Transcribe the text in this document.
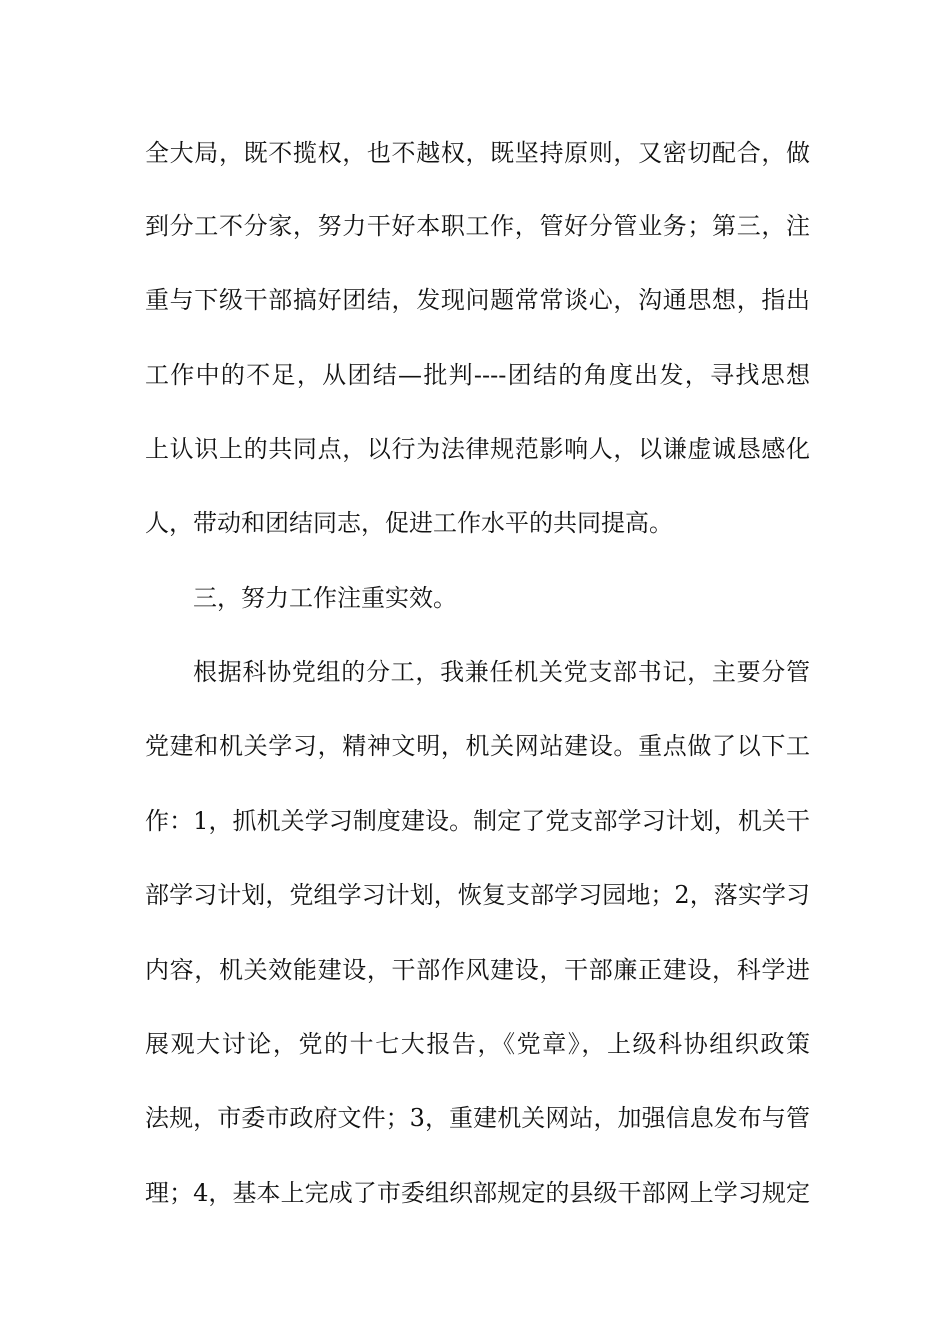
全大局，既不揽权，也不越权，既坚持原则，又密切配合，做
到分工不分家，努力干好本职工作，管好分管业务；第三，注
重与下级干部搞好团结，发现问题常常谈心，沟通思想，指出
工作中的不足，从团结—批判----团结的角度出发，寻找思想
上认识上的共同点，以行为法律规范影响人，以谦虚诚恳感化
人，带动和团结同志，促进工作水平的共同提高。
三，努力工作注重实效。
根据科协党组的分工，我兼任机关党支部书记，主要分管
党建和机关学习，精神文明，机关网站建设。重点做了以下工
作：1，抓机关学习制度建设。制定了党支部学习计划，机关干
部学习计划，党组学习计划，恢复支部学习园地；2，落实学习
内容，机关效能建设，干部作风建设，干部廉正建设，科学进
展观大讨论，党的十七大报告，《党章》，上级科协组织政策
法规，市委市政府文件；3，重建机关网站，加强信息发布与管
理；4，基本上完成了市委组织部规定的县级干部网上学习规定
